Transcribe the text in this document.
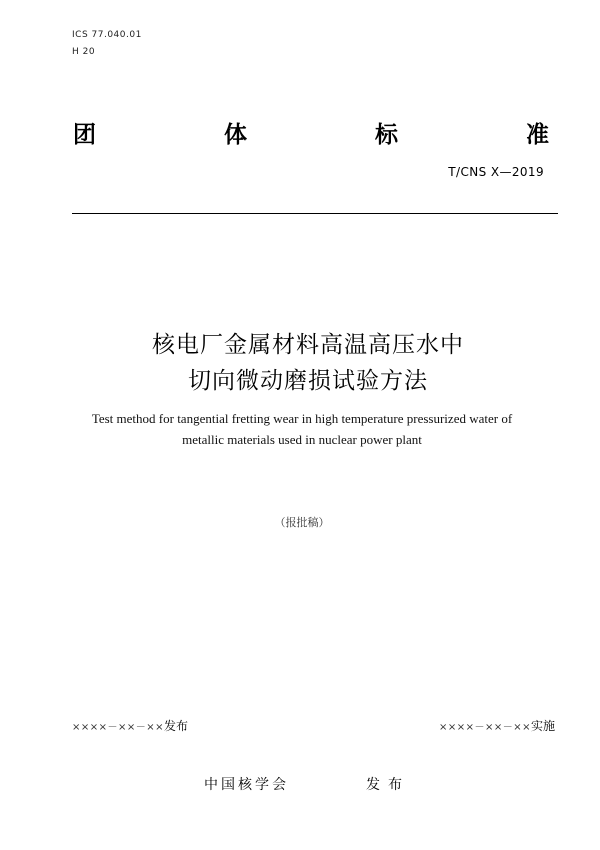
ICS 77.040.01
H 20
团	体	标	准
T/CNS X—2019
核电厂金属材料高温高压水中
切向微动磨损试验方法
Test method for tangential fretting wear in high temperature pressurized water of
metallic materials used in nuclear power plant
（报批稿）
××××－××－××发布	××××－××－××实施
中国核学会	发布
